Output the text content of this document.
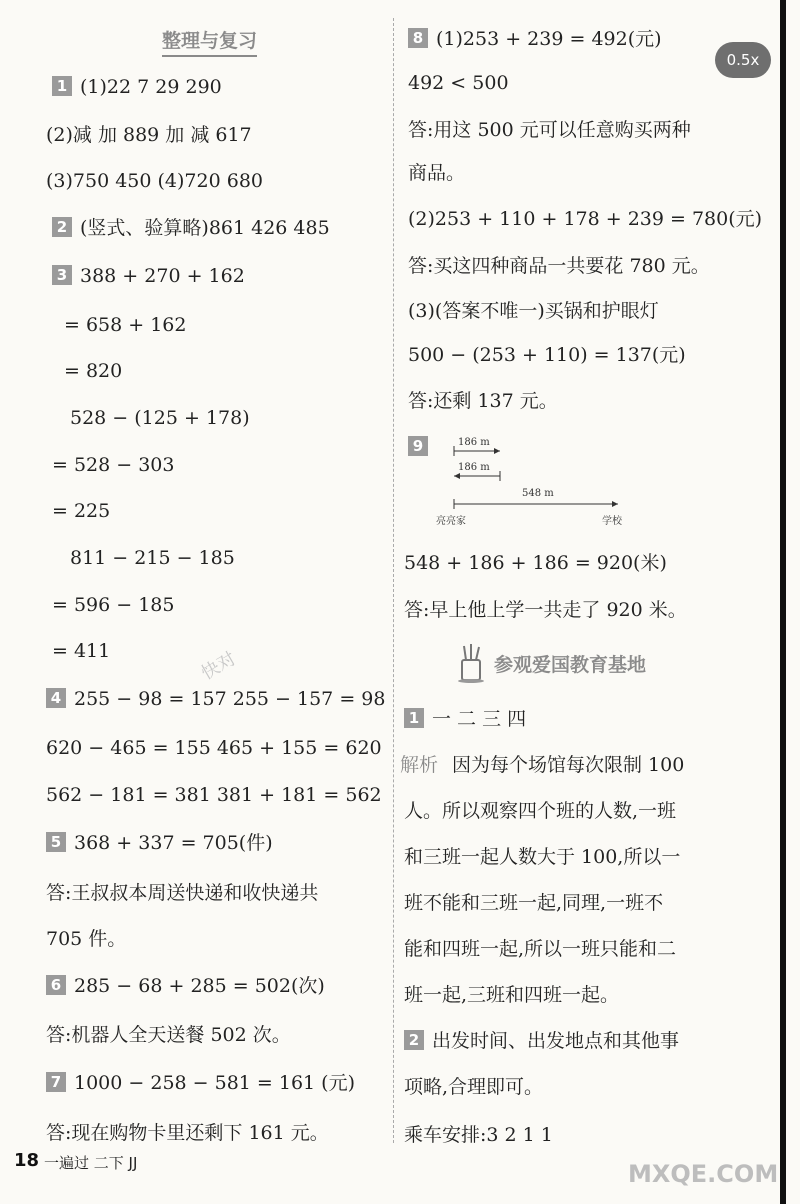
0.5x
整理与复习
1 (1)22 7 29 290
(2)减 加 889 加 减 617
(3)750 450 (4)720 680
2 (竖式、验算略)861 426 485
3 388 + 270 + 162
= 658 + 162
= 820
528 − (125 + 178)
= 528 − 303
= 225
811 − 215 − 185
= 596 − 185
= 411
4 255 − 98 = 157 255 − 157 = 98
620 − 465 = 155 465 + 155 = 620
562 − 181 = 381 381 + 181 = 562
5 368 + 337 = 705(件)
答:王叔叔本周送快递和收快递共
705 件。
6 285 − 68 + 285 = 502(次)
答:机器人全天送餐 502 次。
7 1000 − 258 − 581 = 161 (元)
答:现在购物卡里还剩下 161 元。
8 (1)253 + 239 = 492(元)
492 < 500
答:用这 500 元可以任意购买两种
商品。
(2)253 + 110 + 178 + 239 = 780(元)
答:买这四种商品一共要花 780 元。
(3)(答案不唯一)买锅和护眼灯
500 − (253 + 110) = 137(元)
答:还剩 137 元。
9	186 m
186 m
548 m
亮亮家	学校
548 + 186 + 186 = 920(米)
答:早上他上学一共走了 920 米。
参观爱国教育基地
1 一 二 三 四
解析 因为每个场馆每次限制 100
人。所以观察四个班的人数,一班
和三班一起人数大于 100,所以一
班不能和三班一起,同理,一班不
能和四班一起,所以一班只能和二
班一起,三班和四班一起。
2 出发时间、出发地点和其他事
项略,合理即可。
乘车安排:3 2 1 1
快对
MXQE.COM
18 一遍过 二下 JJ
